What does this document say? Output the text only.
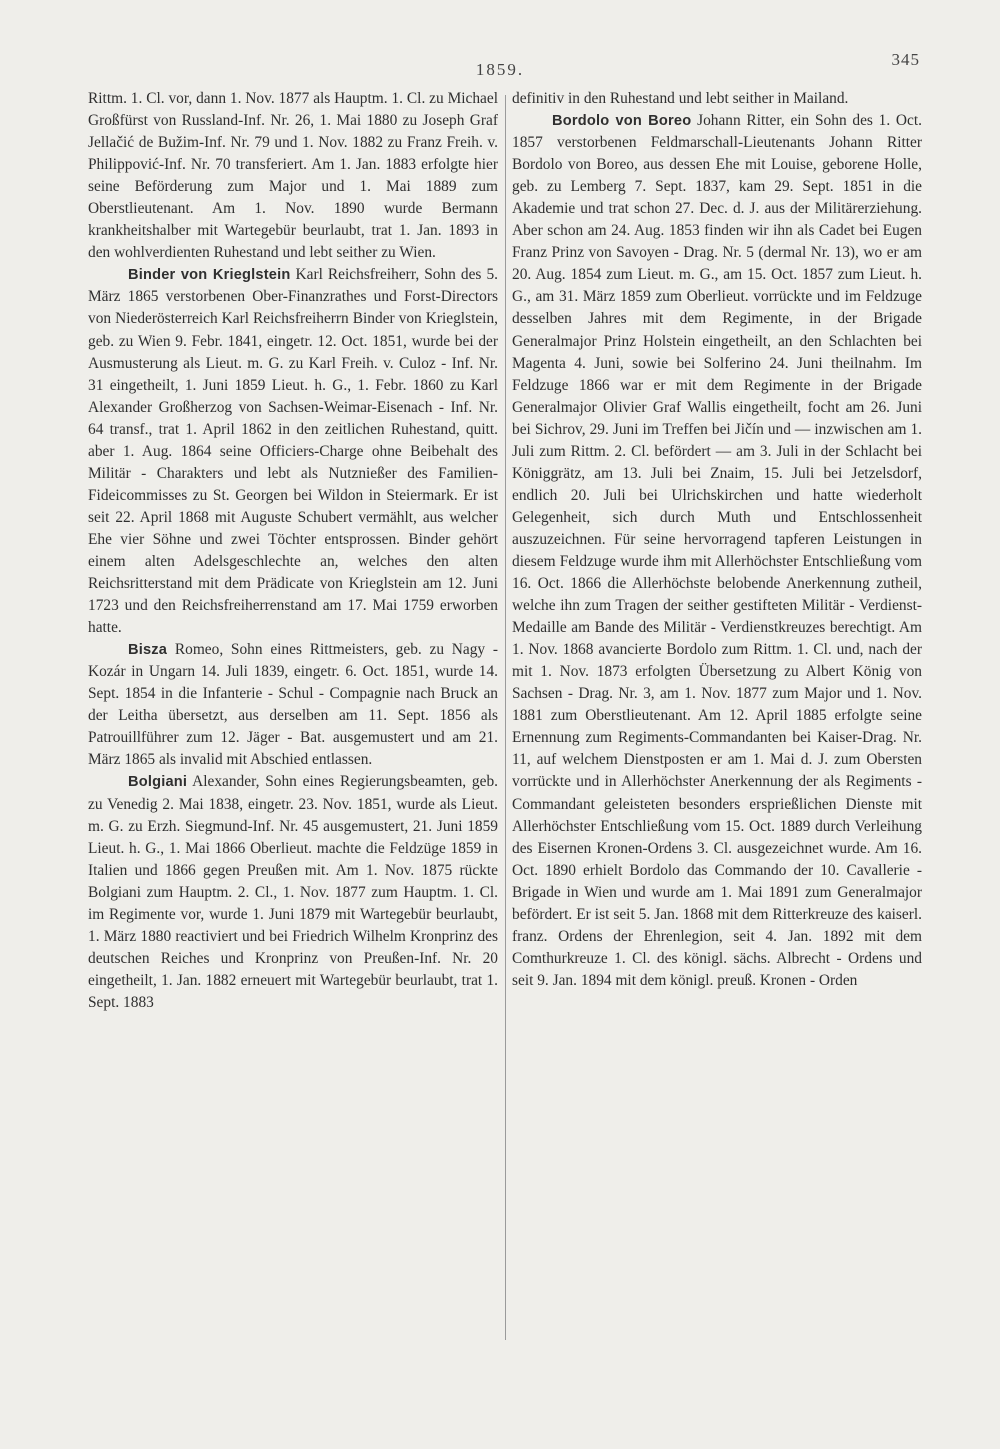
1859.
345

Rittm. 1. Cl. vor, dann 1. Nov. 1877 als Hauptm. 1. Cl. zu Michael Großfürst von Russland-Inf. Nr. 26, 1. Mai 1880 zu Joseph Graf Jellačić de Bužim-Inf. Nr. 79 und 1. Nov. 1882 zu Franz Freih. v. Philippović-Inf. Nr. 70 transferiert. Am 1. Jan. 1883 erfolgte hier seine Beförderung zum Major und 1. Mai 1889 zum Oberstlieutenant. Am 1. Nov. 1890 wurde Bermann krankheitshalber mit Wartegebür beurlaubt, trat 1. Jan. 1893 in den wohlverdienten Ruhestand und lebt seither zu Wien.

Binder von Krieglstein Karl Reichsfreiherr, Sohn des 5. März 1865 verstorbenen Ober-Finanzrathes und Forst-Directors von Niederösterreich Karl Reichsfreiherrn Binder von Krieglstein, geb. zu Wien 9. Febr. 1841, eingetr. 12. Oct. 1851, wurde bei der Ausmusterung als Lieut. m. G. zu Karl Freih. v. Culoz - Inf. Nr. 31 eingetheilt, 1. Juni 1859 Lieut. h. G., 1. Febr. 1860 zu Karl Alexander Großherzog von Sachsen-Weimar-Eisenach - Inf. Nr. 64 transf., trat 1. April 1862 in den zeitlichen Ruhestand, quitt. aber 1. Aug. 1864 seine Officiers-Charge ohne Beibehalt des Militär - Charakters und lebt als Nutznießer des Familien-Fideicommisses zu St. Georgen bei Wildon in Steiermark. Er ist seit 22. April 1868 mit Auguste Schubert vermählt, aus welcher Ehe vier Söhne und zwei Töchter entsprossen. Binder gehört einem alten Adelsgeschlechte an, welches den alten Reichsritterstand mit dem Prädicate von Krieglstein am 12. Juni 1723 und den Reichsfreiherrenstand am 17. Mai 1759 erworben hatte.

Bisza Romeo, Sohn eines Rittmeisters, geb. zu Nagy - Kozár in Ungarn 14. Juli 1839, eingetr. 6. Oct. 1851, wurde 14. Sept. 1854 in die Infanterie - Schul - Compagnie nach Bruck an der Leitha übersetzt, aus derselben am 11. Sept. 1856 als Patrouillführer zum 12. Jäger - Bat. ausgemustert und am 21. März 1865 als invalid mit Abschied entlassen.

Bolgiani Alexander, Sohn eines Regierungsbeamten, geb. zu Venedig 2. Mai 1838, eingetr. 23. Nov. 1851, wurde als Lieut. m. G. zu Erzh. Siegmund-Inf. Nr. 45 ausgemustert, 21. Juni 1859 Lieut. h. G., 1. Mai 1866 Oberlieut. machte die Feldzüge 1859 in Italien und 1866 gegen Preußen mit. Am 1. Nov. 1875 rückte Bolgiani zum Hauptm. 2. Cl., 1. Nov. 1877 zum Hauptm. 1. Cl. im Regimente vor, wurde 1. Juni 1879 mit Wartegebür beurlaubt, 1. März 1880 reactiviert und bei Friedrich Wilhelm Kronprinz des deutschen Reiches und Kronprinz von Preußen-Inf. Nr. 20 eingetheilt, 1. Jan. 1882 erneuert mit Wartegebür beurlaubt, trat 1. Sept. 1883

definitiv in den Ruhestand und lebt seither in Mailand.

Bordolo von Boreo Johann Ritter, ein Sohn des 1. Oct. 1857 verstorbenen Feldmarschall-Lieutenants Johann Ritter Bordolo von Boreo, aus dessen Ehe mit Louise, geborene Holle, geb. zu Lemberg 7. Sept. 1837, kam 29. Sept. 1851 in die Akademie und trat schon 27. Dec. d. J. aus der Militärerziehung. Aber schon am 24. Aug. 1853 finden wir ihn als Cadet bei Eugen Franz Prinz von Savoyen - Drag. Nr. 5 (dermal Nr. 13), wo er am 20. Aug. 1854 zum Lieut. m. G., am 15. Oct. 1857 zum Lieut. h. G., am 31. März 1859 zum Oberlieut. vorrückte und im Feldzuge desselben Jahres mit dem Regimente, in der Brigade Generalmajor Prinz Holstein eingetheilt, an den Schlachten bei Magenta 4. Juni, sowie bei Solferino 24. Juni theilnahm. Im Feldzuge 1866 war er mit dem Regimente in der Brigade Generalmajor Olivier Graf Wallis eingetheilt, focht am 26. Juni bei Sichrov, 29. Juni im Treffen bei Jičín und — inzwischen am 1. Juli zum Rittm. 2. Cl. befördert — am 3. Juli in der Schlacht bei Königgrätz, am 13. Juli bei Znaim, 15. Juli bei Jetzelsdorf, endlich 20. Juli bei Ulrichskirchen und hatte wiederholt Gelegenheit, sich durch Muth und Entschlossenheit auszuzeichnen. Für seine hervorragend tapferen Leistungen in diesem Feldzuge wurde ihm mit Allerhöchster Entschließung vom 16. Oct. 1866 die Allerhöchste belobende Anerkennung zutheil, welche ihn zum Tragen der seither gestifteten Militär - Verdienst-Medaille am Bande des Militär - Verdienstkreuzes berechtigt. Am 1. Nov. 1868 avancierte Bordolo zum Rittm. 1. Cl. und, nach der mit 1. Nov. 1873 erfolgten Übersetzung zu Albert König von Sachsen - Drag. Nr. 3, am 1. Nov. 1877 zum Major und 1. Nov. 1881 zum Oberstlieutenant. Am 12. April 1885 erfolgte seine Ernennung zum Regiments-Commandanten bei Kaiser-Drag. Nr. 11, auf welchem Dienstposten er am 1. Mai d. J. zum Obersten vorrückte und in Allerhöchster Anerkennung der als Regiments - Commandant geleisteten besonders ersprießlichen Dienste mit Allerhöchster Entschließung vom 15. Oct. 1889 durch Verleihung des Eisernen Kronen-Ordens 3. Cl. ausgezeichnet wurde. Am 16. Oct. 1890 erhielt Bordolo das Commando der 10. Cavallerie - Brigade in Wien und wurde am 1. Mai 1891 zum Generalmajor befördert. Er ist seit 5. Jan. 1868 mit dem Ritterkreuze des kaiserl. franz. Ordens der Ehrenlegion, seit 4. Jan. 1892 mit dem Comthurkreuze 1. Cl. des königl. sächs. Albrecht - Ordens und seit 9. Jan. 1894 mit dem königl. preuß. Kronen - Orden
